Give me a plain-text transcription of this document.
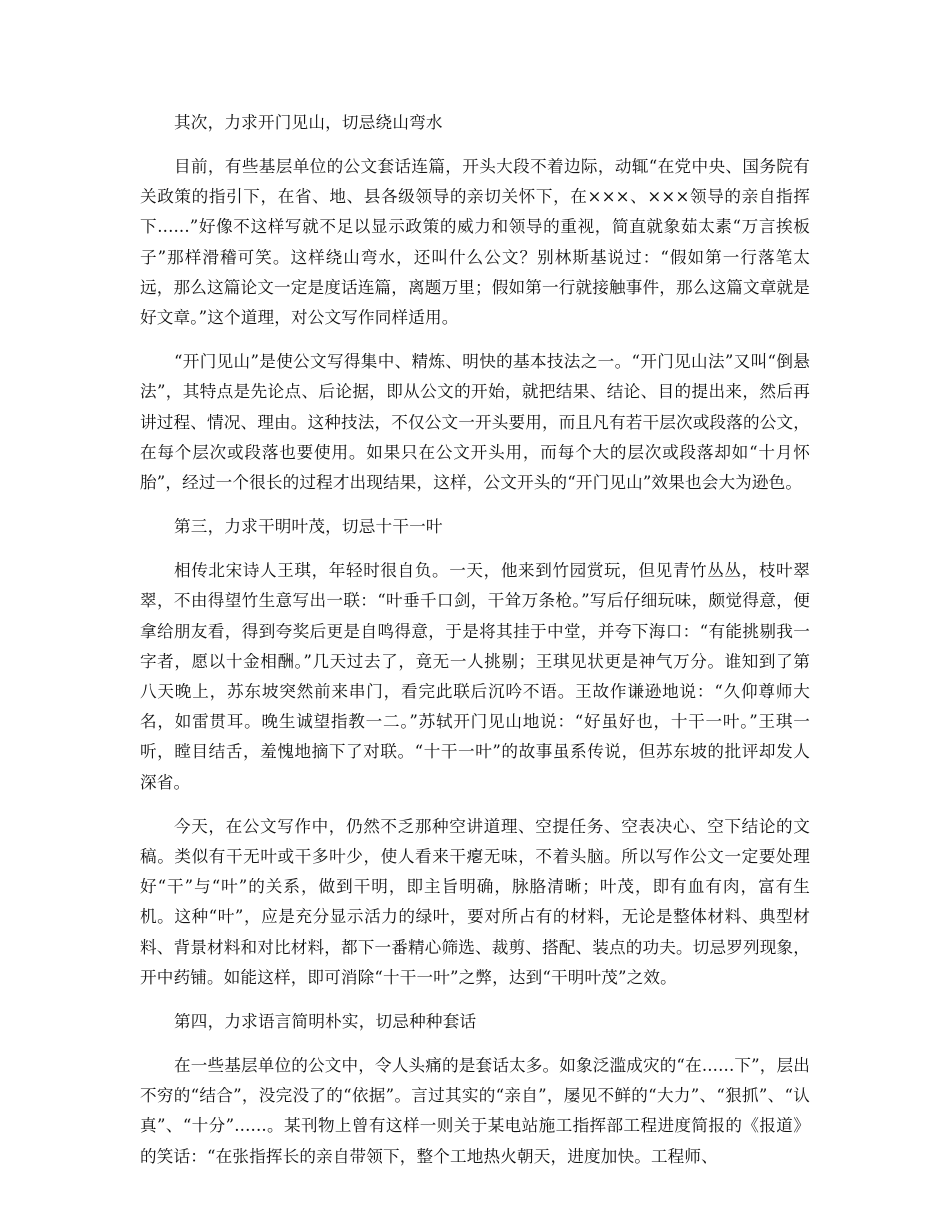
其次，力求开门见山，切忌绕山弯水

目前，有些基层单位的公文套话连篇，开头大段不着边际，动辄“在党中央、国务院有关政策的指引下，在省、地、县各级领导的亲切关怀下，在×××、×××领导的亲自指挥下......”好像不这样写就不足以显示政策的威力和领导的重视，简直就象茹太素“万言挨板子”那样滑稽可笑。这样绕山弯水，还叫什么公文？别林斯基说过：“假如第一行落笔太远，那么这篇论文一定是度话连篇，离题万里；假如第一行就接触事件，那么这篇文章就是好文章。”这个道理，对公文写作同样适用。

“开门见山”是使公文写得集中、精炼、明快的基本技法之一。“开门见山法”又叫“倒悬法”，其特点是先论点、后论据，即从公文的开始，就把结果、结论、目的提出来，然后再讲过程、情况、理由。这种技法，不仅公文一开头要用，而且凡有若干层次或段落的公文，在每个层次或段落也要使用。如果只在公文开头用，而每个大的层次或段落却如“十月怀胎”，经过一个很长的过程才出现结果，这样，公文开头的“开门见山”效果也会大为逊色。

第三，力求干明叶茂，切忌十干一叶

相传北宋诗人王琪，年轻时很自负。一天，他来到竹园赏玩，但见青竹丛丛，枝叶翠翠，不由得望竹生意写出一联：“叶垂千口剑，干耸万条枪。”写后仔细玩味，颇觉得意，便拿给朋友看，得到夸奖后更是自鸣得意，于是将其挂于中堂，并夸下海口：“有能挑剔我一字者，愿以十金相酬。”几天过去了，竟无一人挑剔；王琪见状更是神气万分。谁知到了第八天晚上，苏东坡突然前来串门，看完此联后沉吟不语。王故作谦逊地说：“久仰尊师大名，如雷贯耳。晚生诚望指教一二。”苏轼开门见山地说：“好虽好也，十干一叶。”王琪一听，瞠目结舌，羞愧地摘下了对联。“十干一叶”的故事虽系传说，但苏东坡的批评却发人深省。

今天，在公文写作中，仍然不乏那种空讲道理、空提任务、空表决心、空下结论的文稿。类似有干无叶或干多叶少，使人看来干瘪无味，不着头脑。所以写作公文一定要处理好“干”与“叶”的关系，做到干明，即主旨明确，脉胳清晰；叶茂，即有血有肉，富有生机。这种“叶”，应是充分显示活力的绿叶，要对所占有的材料，无论是整体材料、典型材料、背景材料和对比材料，都下一番精心筛选、裁剪、搭配、装点的功夫。切忌罗列现象，开中药铺。如能这样，即可消除“十干一叶”之弊，达到“干明叶茂”之效。

第四，力求语言简明朴实，切忌种种套话

在一些基层单位的公文中，令人头痛的是套话太多。如象泛滥成灾的“在......下”，层出不穷的“结合”，没完没了的“依据”。言过其实的“亲自”，屡见不鲜的“大力”、“狠抓”、“认真”、“十分”......。某刊物上曾有这样一则关于某电站施工指挥部工程进度简报的《报道》的笑话：“在张指挥长的亲自带领下，整个工地热火朝天，进度加快。工程师、
